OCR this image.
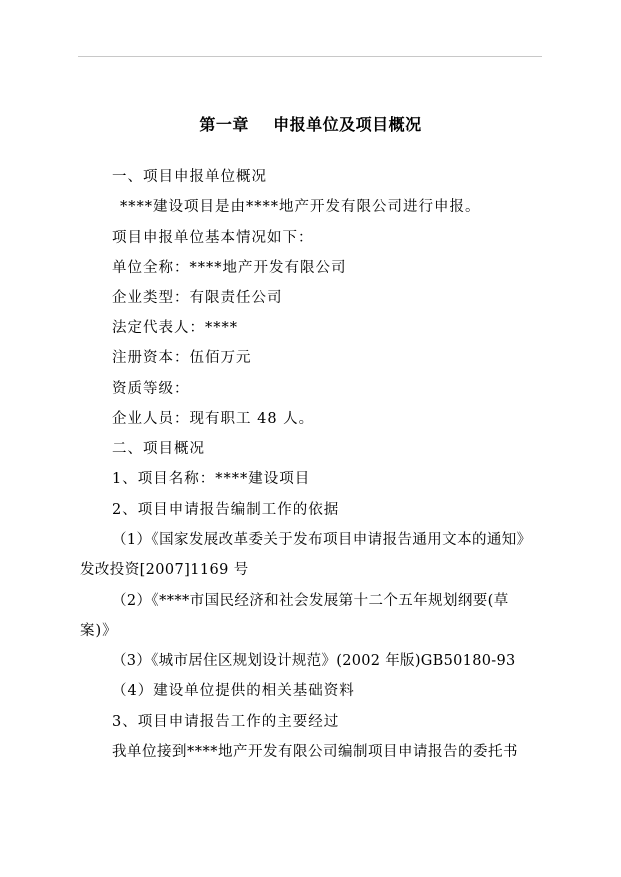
第一章    申报单位及项目概况
一、项目申报单位概况
****建设项目是由****地产开发有限公司进行申报。
项目申报单位基本情况如下：
单位全称：****地产开发有限公司
企业类型：有限责任公司
法定代表人：****
注册资本：伍佰万元
资质等级：
企业人员：现有职工 48 人。
二、项目概况
1、项目名称：****建设项目
2、项目申请报告编制工作的依据
（1）《国家发展改革委关于发布项目申请报告通用文本的通知》
发改投资[2007]1169 号
（2）《****市国民经济和社会发展第十二个五年规划纲要(草
案)》
（3）《城市居住区规划设计规范》(2002 年版)GB50180-93
（4）建设单位提供的相关基础资料
3、项目申请报告工作的主要经过
我单位接到****地产开发有限公司编制项目申请报告的委托书
